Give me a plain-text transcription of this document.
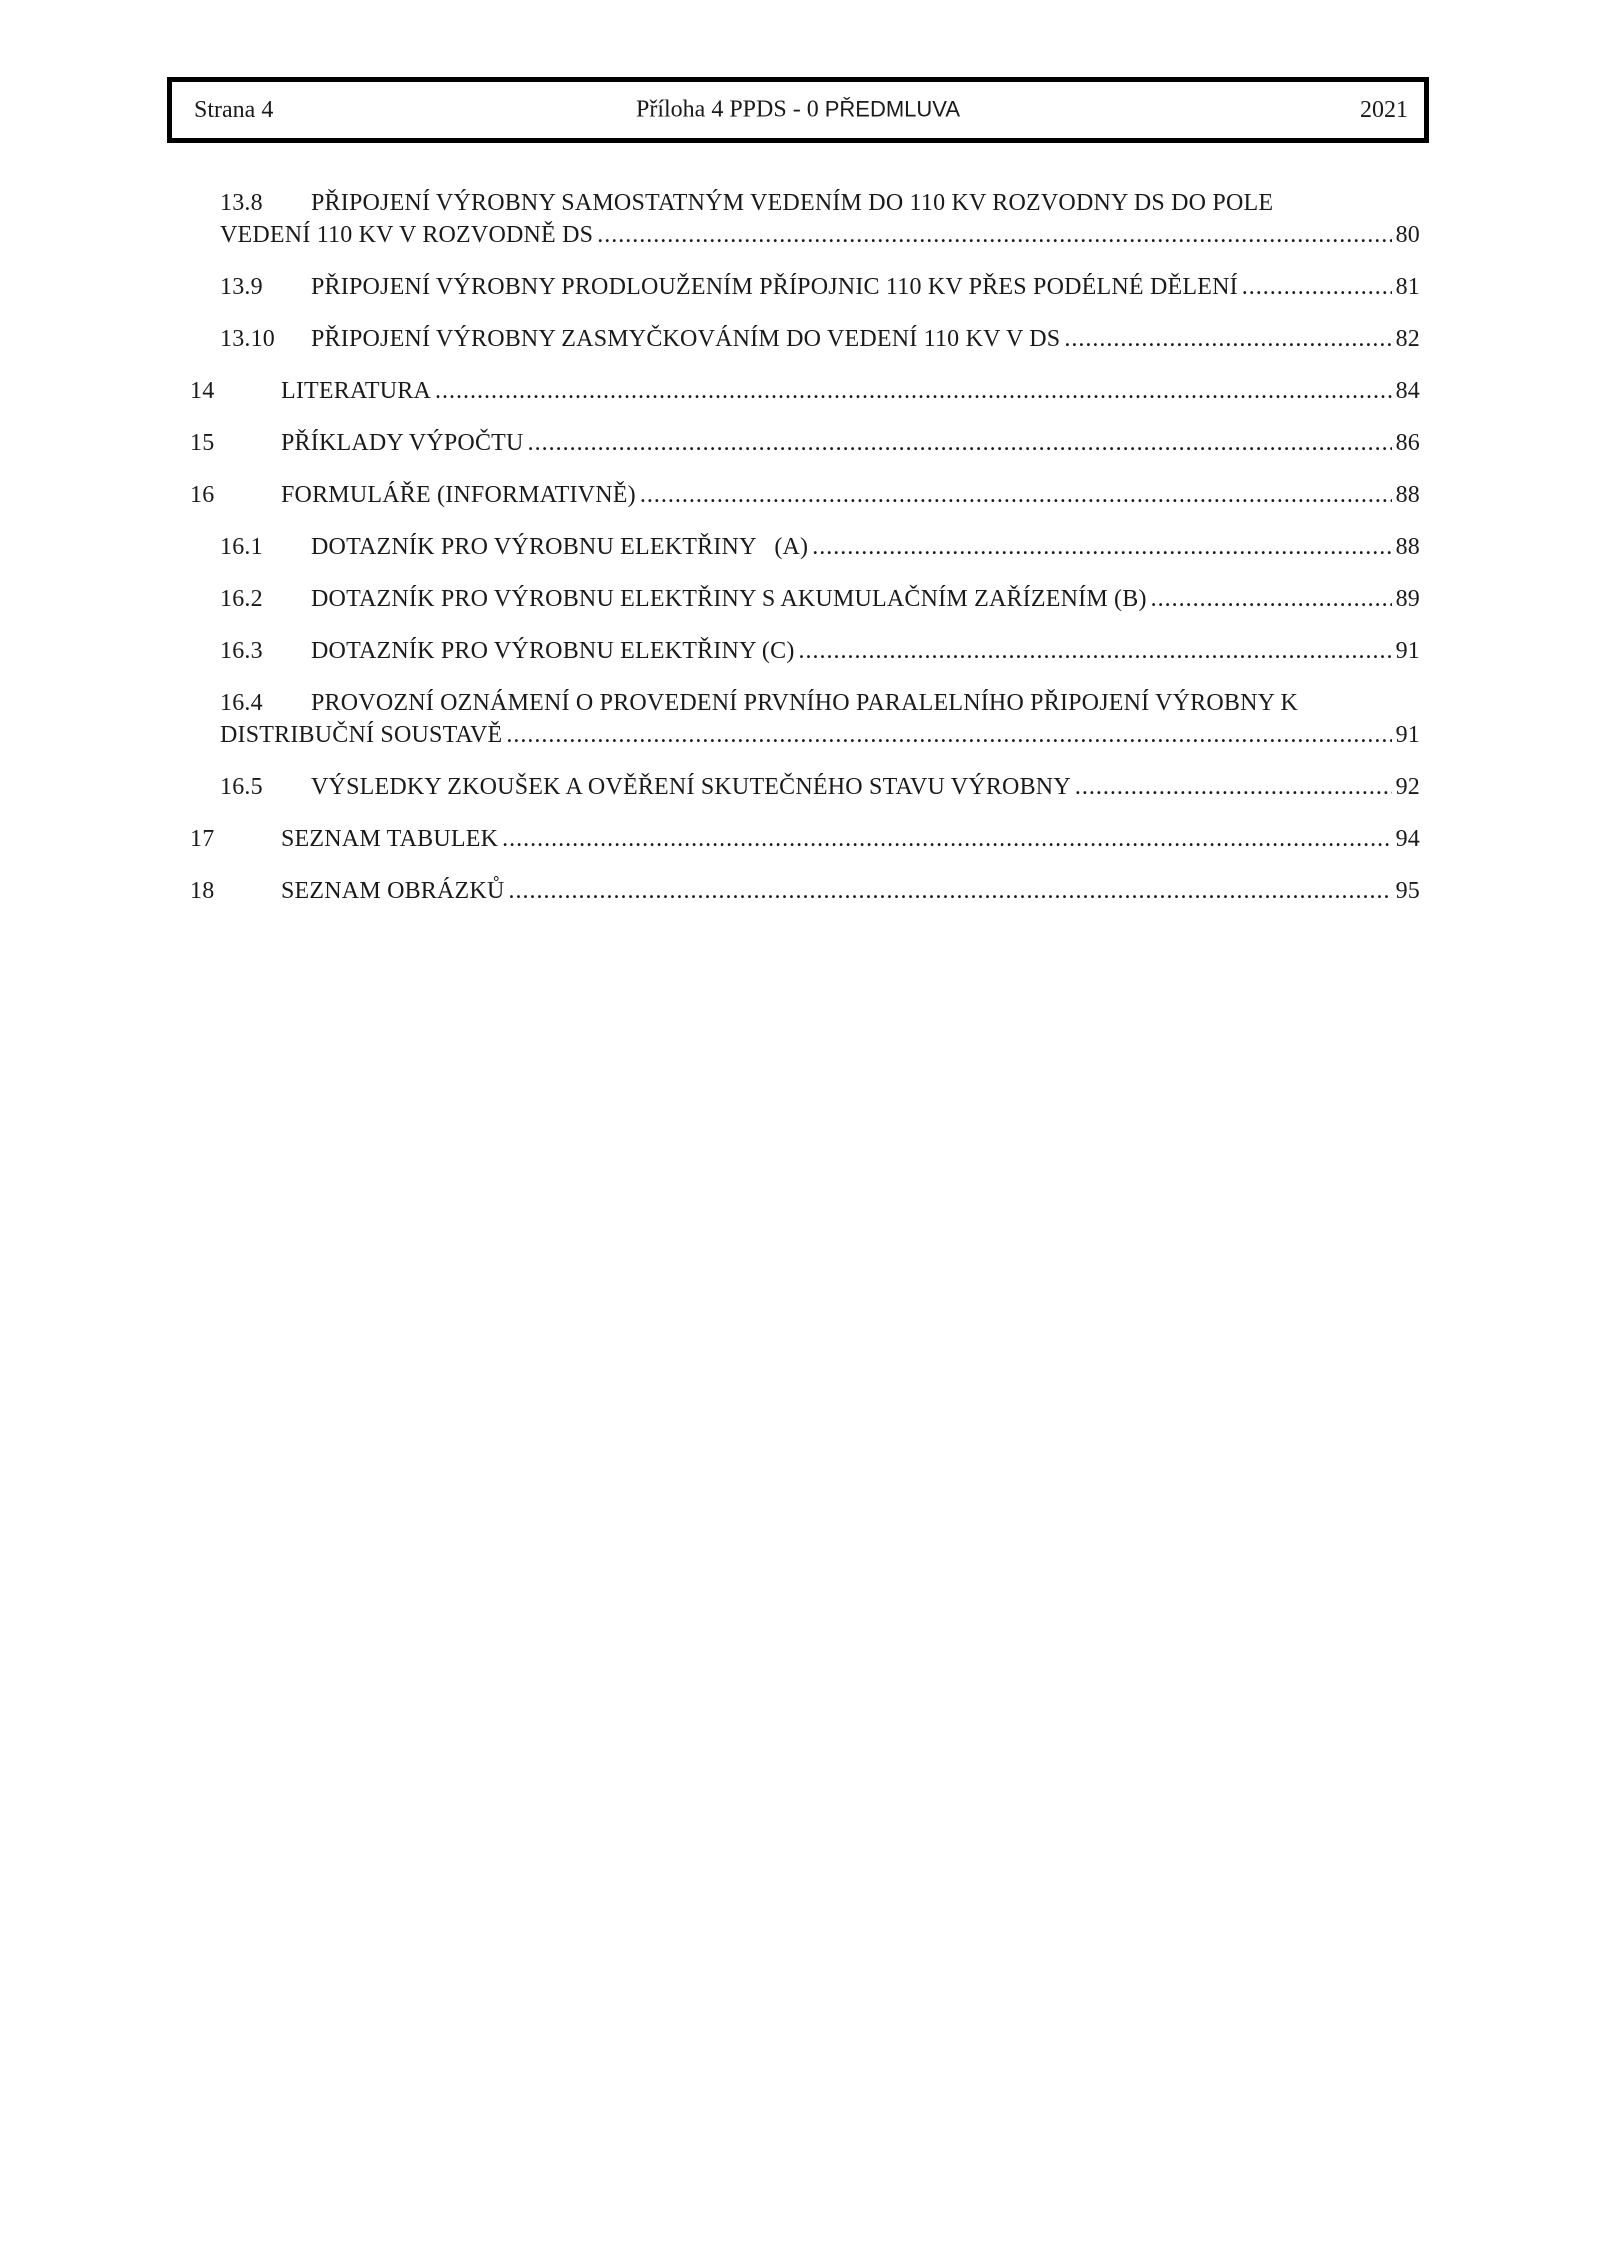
Strana 4	Příloha 4 PPDS - 0 PŘEDMLUVA	2021
13.8	PŘIPOJENÍ VÝROBNY SAMOSTATNÝM VEDENÍM DO 110 KV ROZVODNY DS DO POLE
VEDENÍ 110 KV V ROZVODNĚ DS .....	80
13.9	PŘIPOJENÍ VÝROBNY PRODLOUŽENÍM PŘÍPOJNIC 110 KV PŘES PODÉLNÉ DĚLENÍ .....	81
13.10	PŘIPOJENÍ VÝROBNY ZASMYČKOVÁNÍM DO VEDENÍ 110 KV V DS .....	82
14	LITERATURA .....	84
15	PŘÍKLADY VÝPOČTU .....	86
16	FORMULÁŘE (INFORMATIVNĚ) .....	88
16.1	DOTAZNÍK PRO VÝROBNU ELEKTŘINY   (A) .....	88
16.2	DOTAZNÍK PRO VÝROBNU ELEKTŘINY S AKUMULAČNÍM ZAŘÍZENÍM (B) .....	89
16.3	DOTAZNÍK PRO VÝROBNU ELEKTŘINY (C) .....	91
16.4	PROVOZNÍ OZNÁMENÍ O PROVEDENÍ PRVNÍHO PARALELNÍHO PŘIPOJENÍ VÝROBNY K
DISTRIBUČNÍ SOUSTAVĚ .....	91
16.5	VÝSLEDKY ZKOUŠEK A OVĚŘENÍ SKUTEČNÉHO STAVU VÝROBNY .....	92
17	SEZNAM TABULEK .....	94
18	SEZNAM OBRÁZKŮ .....	95
